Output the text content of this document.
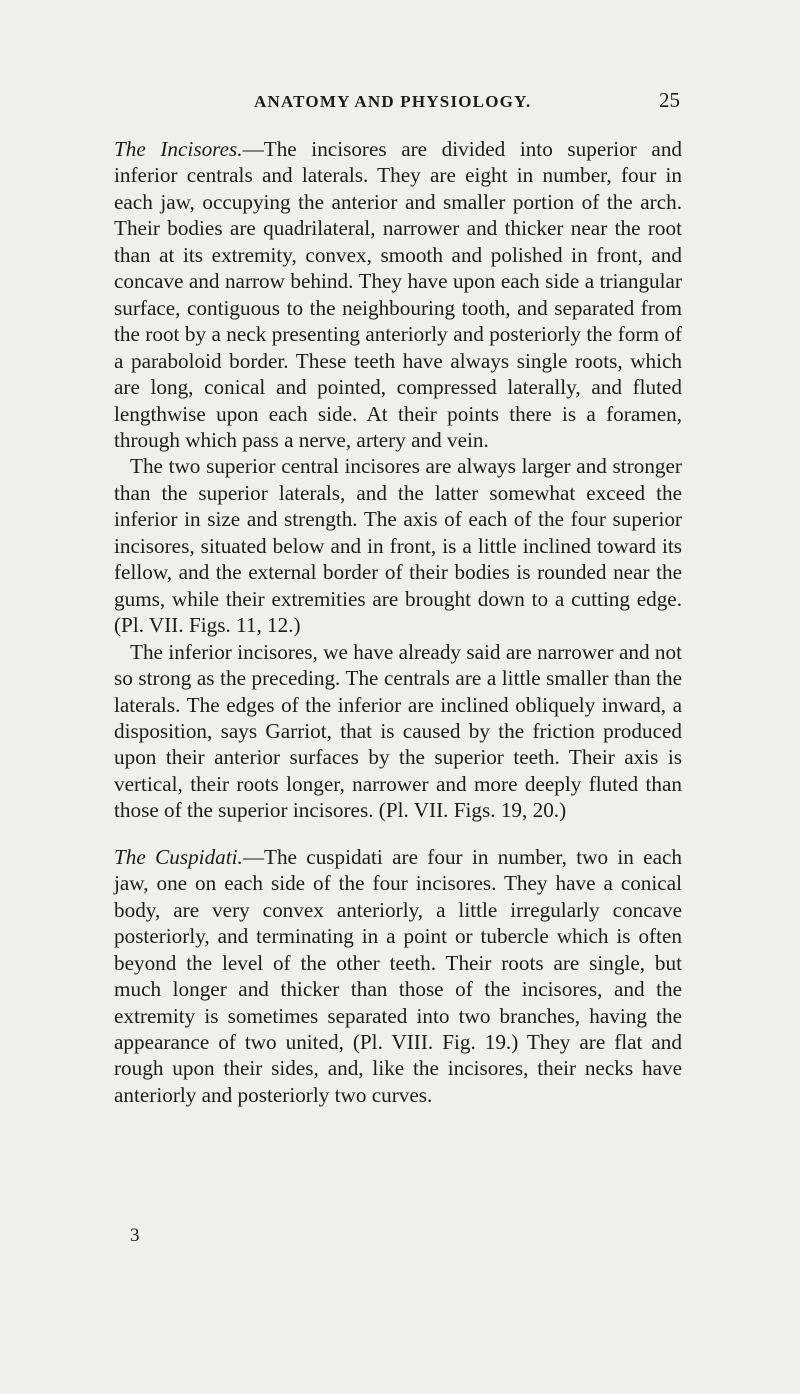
ANATOMY AND PHYSIOLOGY.	25

The Incisores.—The incisores are divided into superior and inferior centrals and laterals. They are eight in number, four in each jaw, occupying the anterior and smaller portion of the arch. Their bodies are quadrilateral, narrower and thicker near the root than at its extremity, convex, smooth and polished in front, and concave and narrow behind. They have upon each side a triangular surface, contiguous to the neighbouring tooth, and separated from the root by a neck presenting anteriorly and posteriorly the form of a paraboloid border. These teeth have always single roots, which are long, conical and pointed, compressed laterally, and fluted lengthwise upon each side. At their points there is a foramen, through which pass a nerve, artery and vein.

The two superior central incisores are always larger and stronger than the superior laterals, and the latter somewhat exceed the inferior in size and strength. The axis of each of the four superior incisores, situated below and in front, is a little inclined toward its fellow, and the external border of their bodies is rounded near the gums, while their extremities are brought down to a cutting edge. (Pl. VII. Figs. 11, 12.)

The inferior incisores, we have already said are narrower and not so strong as the preceding. The centrals are a little smaller than the laterals. The edges of the inferior are inclined obliquely inward, a disposition, says Garriot, that is caused by the friction produced upon their anterior surfaces by the superior teeth. Their axis is vertical, their roots longer, narrower and more deeply fluted than those of the superior incisores. (Pl. VII. Figs. 19, 20.)

The Cuspidati.—The cuspidati are four in number, two in each jaw, one on each side of the four incisores. They have a conical body, are very convex anteriorly, a little irregularly concave posteriorly, and terminating in a point or tubercle which is often beyond the level of the other teeth. Their roots are single, but much longer and thicker than those of the incisores, and the extremity is sometimes separated into two branches, having the appearance of two united, (Pl. VIII. Fig. 19.) They are flat and rough upon their sides, and, like the incisores, their necks have anteriorly and posteriorly two curves.

3
